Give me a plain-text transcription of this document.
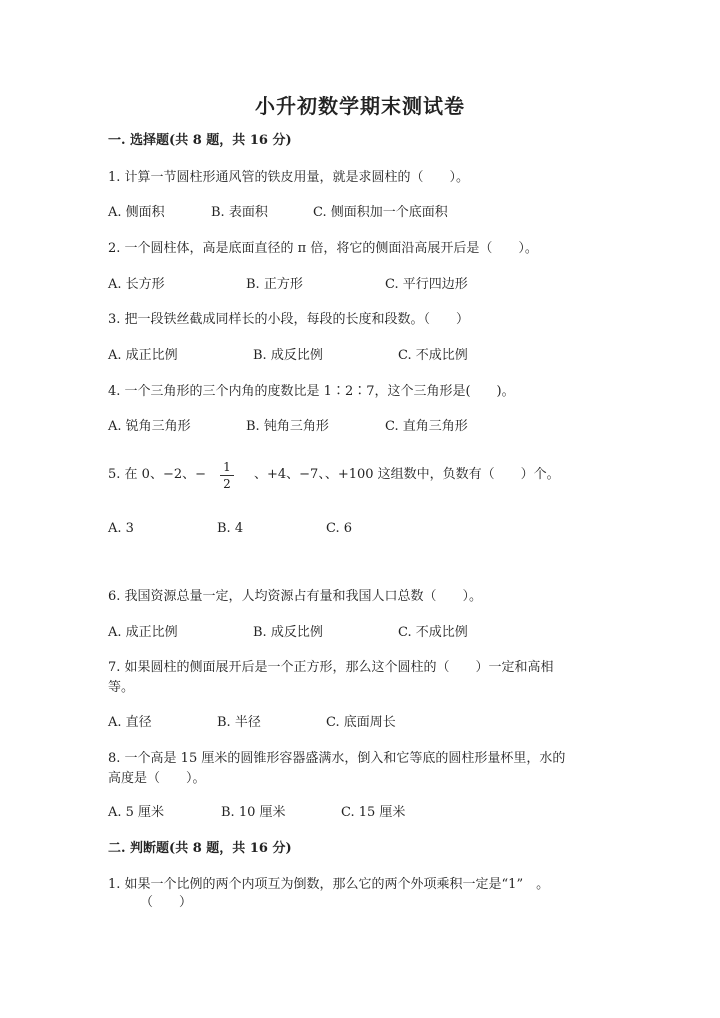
小升初数学期末测试卷
一. 选择题(共 8 题，共 16 分)
1. 计算一节圆柱形通风管的铁皮用量，就是求圆柱的（　　）。
A. 侧面积	B. 表面积	C. 侧面积加一个底面积
2. 一个圆柱体，高是底面直径的 π 倍，将它的侧面沿高展开后是（　　）。
A. 长方形	B. 正方形	C. 平行四边形
3. 把一段铁丝截成同样长的小段，每段的长度和段数。（　　）
A. 成正比例	B. 成反比例	C. 不成比例
4. 一个三角形的三个内角的度数比是 1∶2∶7，这个三角形是(　　)。
A. 锐角三角形	B. 钝角三角形	C. 直角三角形
5. 在 0、−2、− 1
2
、+4、−7、、+100 这组数中，负数有（　　）个。
A. 3	B. 4	C. 6
6. 我国资源总量一定，人均资源占有量和我国人口总数（　　）。
A. 成正比例	B. 成反比例	C. 不成比例
7. 如果圆柱的侧面展开后是一个正方形，那么这个圆柱的（　　）一定和高相
等。
A. 直径	B. 半径	C. 底面周长
8. 一个高是 15 厘米的圆锥形容器盛满水，倒入和它等底的圆柱形量杯里，水的
高度是（　　）。
A. 5 厘米	B. 10 厘米	C. 15 厘米
二. 判断题(共 8 题，共 16 分)
1. 如果一个比例的两个内项互为倒数，那么它的两个外项乘积一定是“1”　。
（　　）
